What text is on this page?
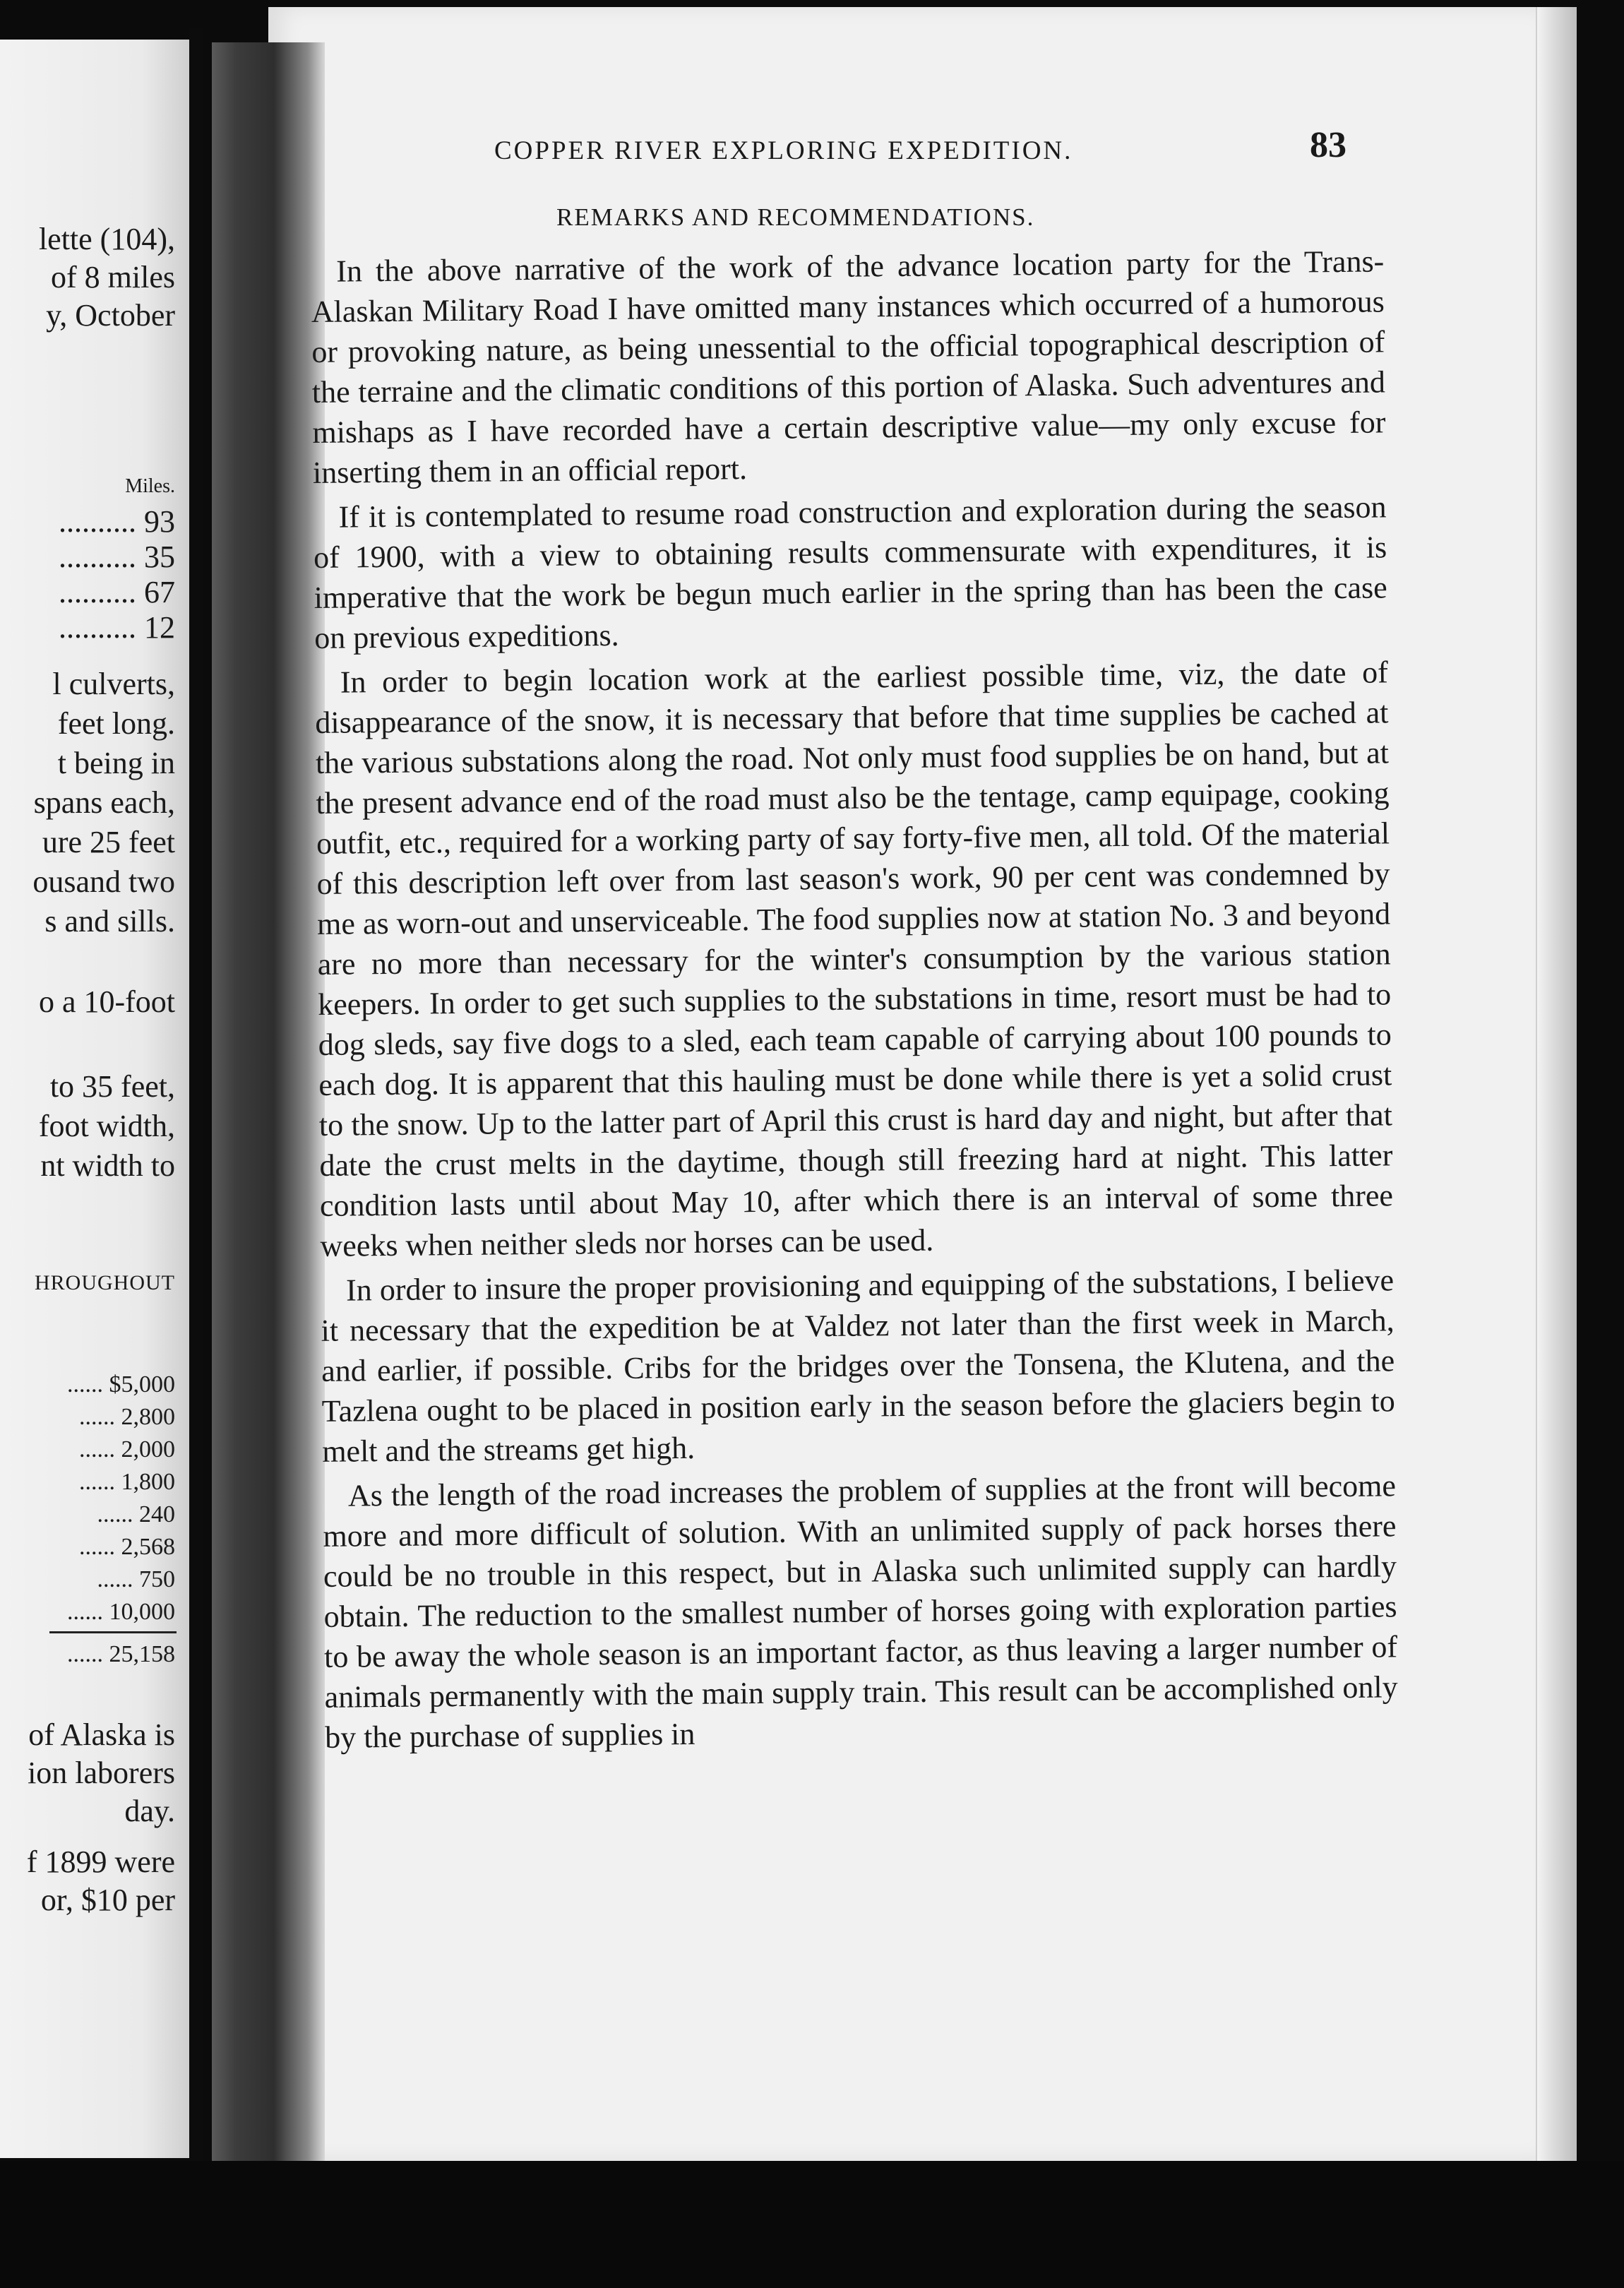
lette (104),
of 8 miles
y, October
Miles.
.......... 93
.......... 35
.......... 67
.......... 12
l culverts,
feet long.
t being in
spans each,
ure 25 feet
ousand two
s and sills.
o a 10-foot
to 35 feet,
foot width,
nt width to
HROUGHOUT
...... $5,000
...... 2,800
...... 2,000
...... 1,800
...... 240
...... 2,568
...... 750
...... 10,000
...... 25,158
of Alaska is
ion laborers
day.
f 1899 were
or, $10 per
COPPER RIVER EXPLORING EXPEDITION.	83
REMARKS AND RECOMMENDATIONS.

In the above narrative of the work of the advance location party for the Trans-Alaskan Military Road I have omitted many instances which occurred of a humorous or provoking nature, as being unessential to the official topographical description of the terraine and the climatic conditions of this portion of Alaska. Such adventures and mishaps as I have recorded have a certain descriptive value—my only excuse for inserting them in an official report.

If it is contemplated to resume road construction and exploration during the season of 1900, with a view to obtaining results commensurate with expenditures, it is imperative that the work be begun much earlier in the spring than has been the case on previous expeditions.

In order to begin location work at the earliest possible time, viz, the date of disappearance of the snow, it is necessary that before that time supplies be cached at the various substations along the road. Not only must food supplies be on hand, but at the present advance end of the road must also be the tentage, camp equipage, cooking outfit, etc., required for a working party of say forty-five men, all told. Of the material of this description left over from last season's work, 90 per cent was condemned by me as worn-out and unserviceable. The food supplies now at station No. 3 and beyond are no more than necessary for the winter's consumption by the various station keepers. In order to get such supplies to the substations in time, resort must be had to dog sleds, say five dogs to a sled, each team capable of carrying about 100 pounds to each dog. It is apparent that this hauling must be done while there is yet a solid crust to the snow. Up to the latter part of April this crust is hard day and night, but after that date the crust melts in the daytime, though still freezing hard at night. This latter condition lasts until about May 10, after which there is an interval of some three weeks when neither sleds nor horses can be used.

In order to insure the proper provisioning and equipping of the substations, I believe it necessary that the expedition be at Valdez not later than the first week in March, and earlier, if possible. Cribs for the bridges over the Tonsena, the Klutena, and the Tazlena ought to be placed in position early in the season before the glaciers begin to melt and the streams get high.

As the length of the road increases the problem of supplies at the front will become more and more difficult of solution. With an unlimited supply of pack horses there could be no trouble in this respect, but in Alaska such unlimited supply can hardly obtain. The reduction to the smallest number of horses going with exploration parties to be away the whole season is an important factor, as thus leaving a larger number of animals permanently with the main supply train. This result can be accomplished only by the purchase of supplies in
